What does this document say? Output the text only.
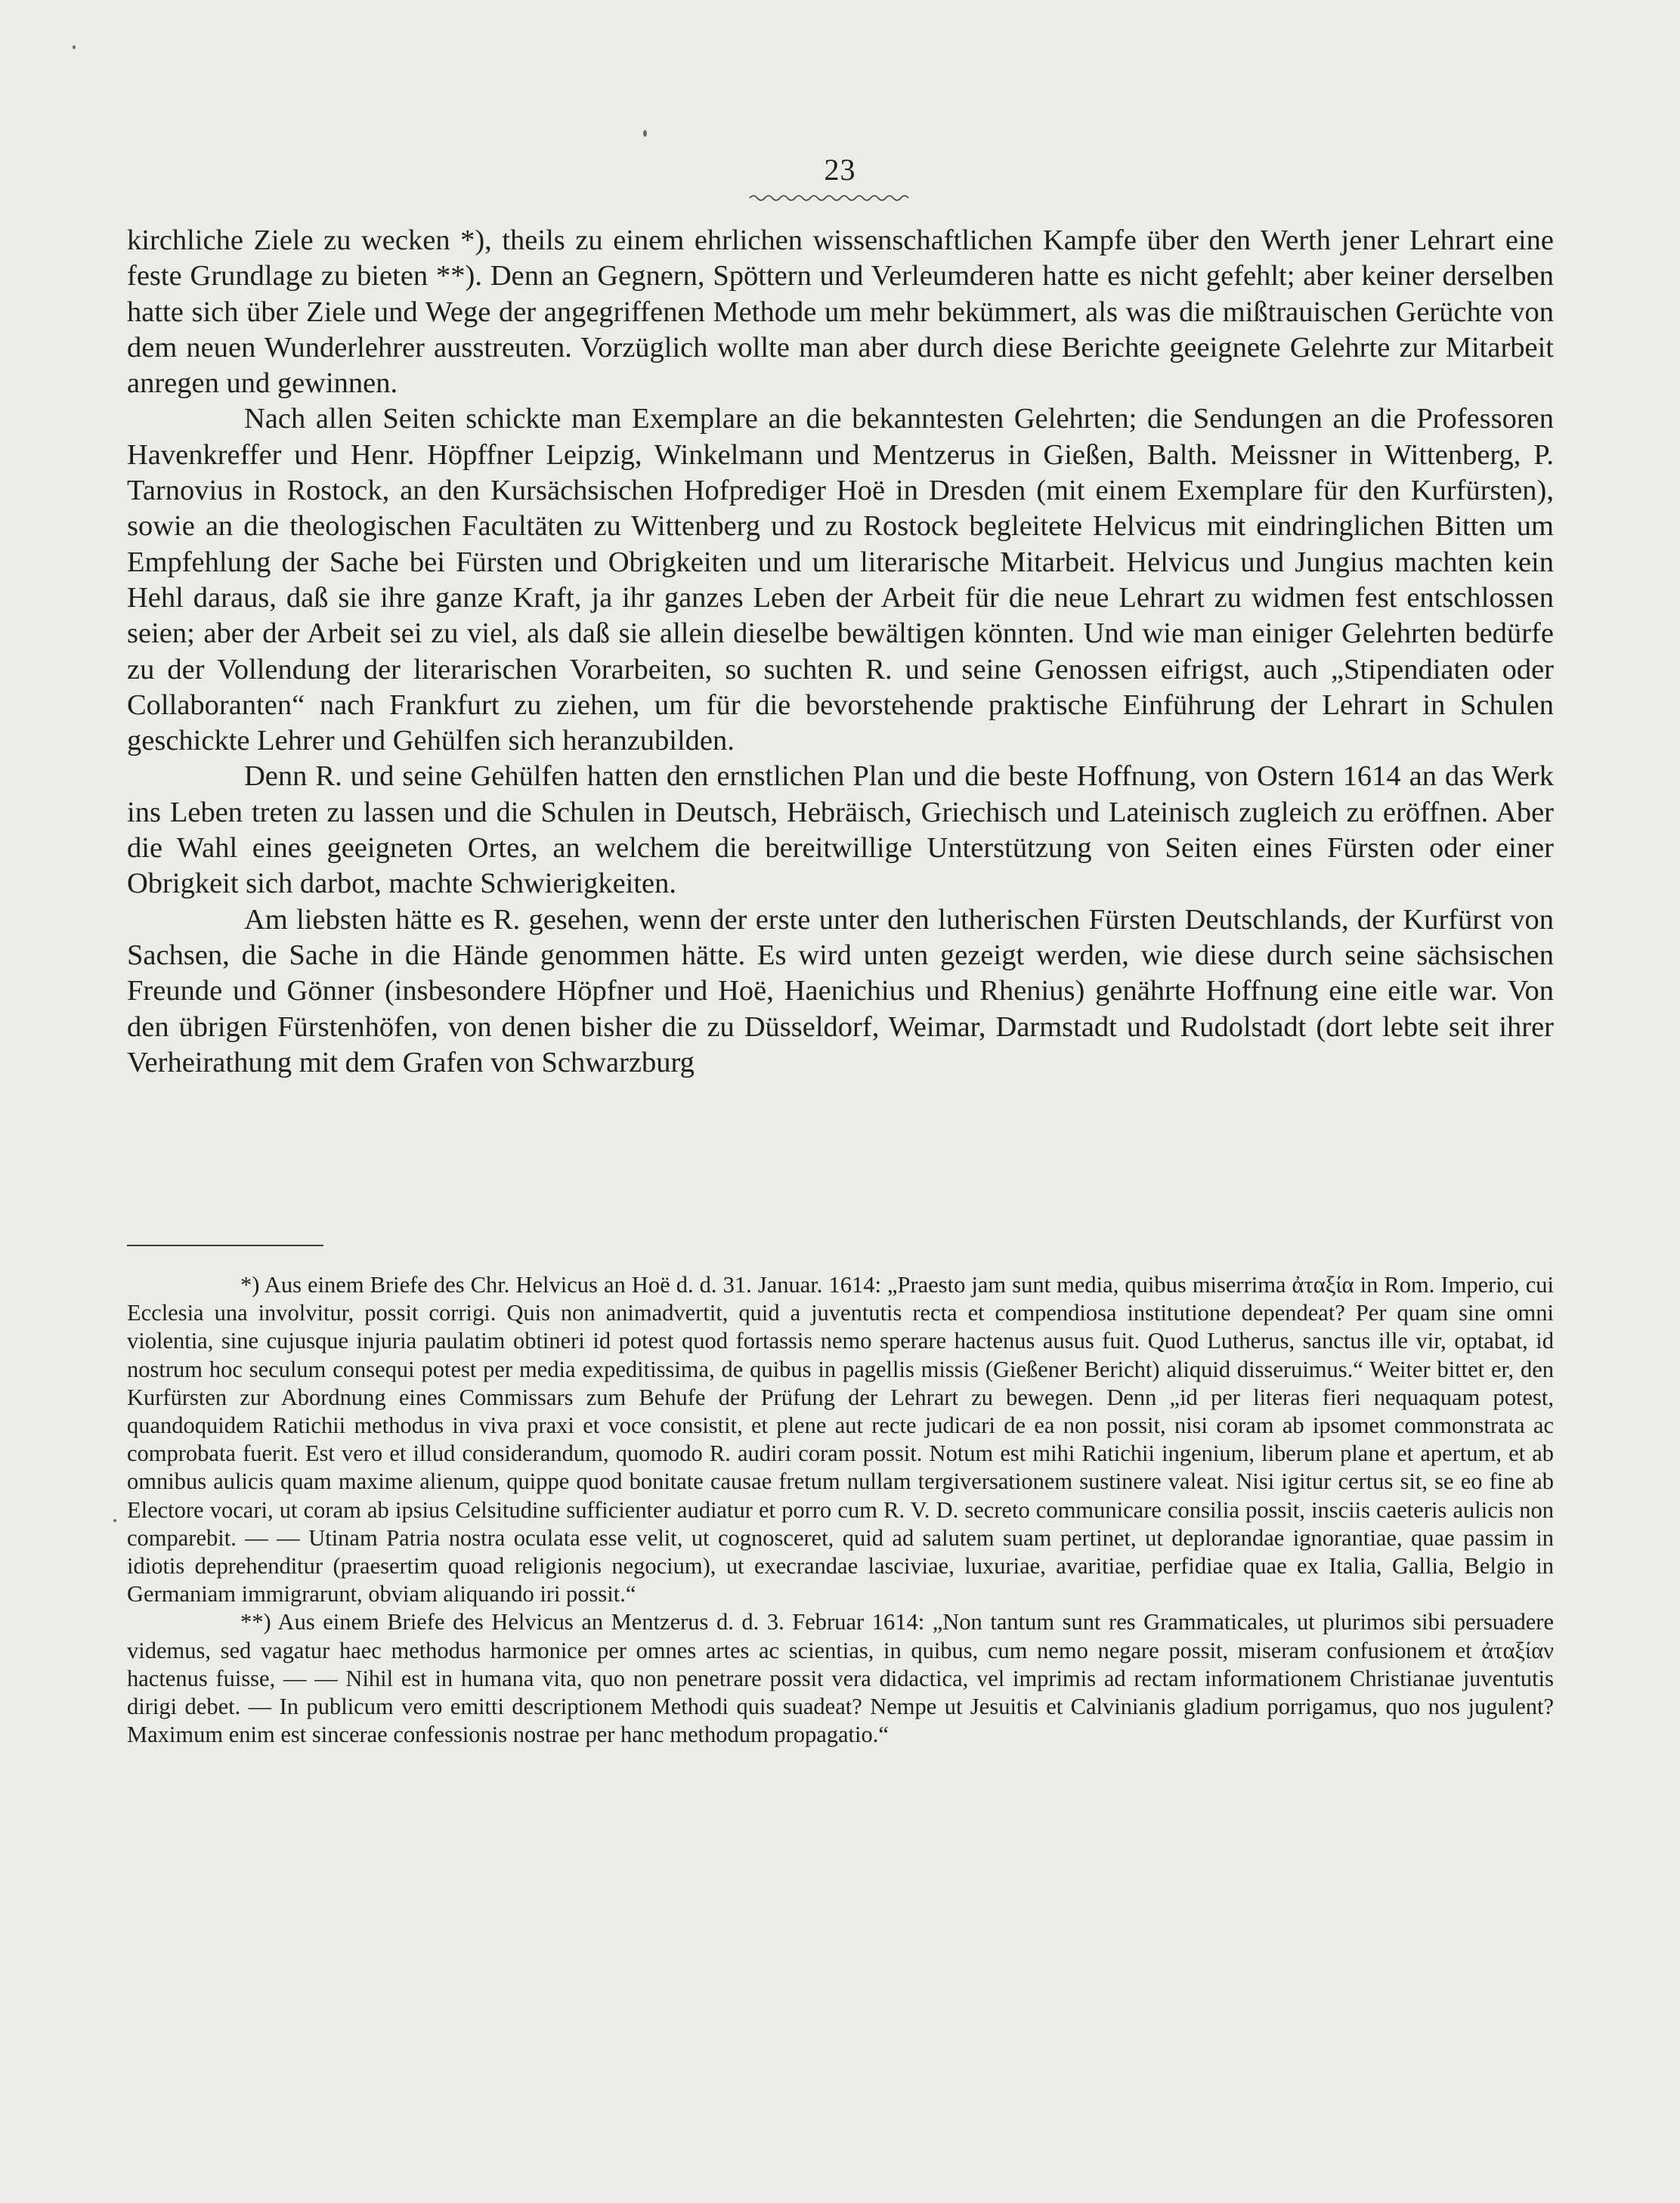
23

kirchliche Ziele zu wecken *), theils zu einem ehrlichen wissenschaftlichen Kampfe über den Werth jener Lehrart eine feste Grundlage zu bieten **). Denn an Gegnern, Spöttern und Verleumderen hatte es nicht gefehlt; aber keiner derselben hatte sich über Ziele und Wege der angegriffenen Methode um mehr bekümmert, als was die mißtrauischen Gerüchte von dem neuen Wunderlehrer ausstreuten. Vorzüglich wollte man aber durch diese Berichte geeignete Gelehrte zur Mitarbeit anregen und gewinnen.

Nach allen Seiten schickte man Exemplare an die bekanntesten Gelehrten; die Sendungen an die Professoren Havenkreffer und Henr. Höpffner Leipzig, Winkelmann und Mentzerus in Gießen, Balth. Meissner in Wittenberg, P. Tarnovius in Rostock, an den Kursächsischen Hofprediger Hoë in Dresden (mit einem Exemplare für den Kurfürsten), sowie an die theologischen Facultäten zu Wittenberg und zu Rostock begleitete Helvicus mit eindringlichen Bitten um Empfehlung der Sache bei Fürsten und Obrigkeiten und um literarische Mitarbeit. Helvicus und Jungius machten kein Hehl daraus, daß sie ihre ganze Kraft, ja ihr ganzes Leben der Arbeit für die neue Lehrart zu widmen fest entschlossen seien; aber der Arbeit sei zu viel, als daß sie allein dieselbe bewältigen könnten. Und wie man einiger Gelehrten bedürfe zu der Vollendung der literarischen Vorarbeiten, so suchten R. und seine Genossen eifrigst, auch „Stipendiaten oder Collaboranten“ nach Frankfurt zu ziehen, um für die bevorstehende praktische Einführung der Lehrart in Schulen geschickte Lehrer und Gehülfen sich heranzubilden.

Denn R. und seine Gehülfen hatten den ernstlichen Plan und die beste Hoffnung, von Ostern 1614 an das Werk ins Leben treten zu lassen und die Schulen in Deutsch, Hebräisch, Griechisch und Lateinisch zugleich zu eröffnen. Aber die Wahl eines geeigneten Ortes, an welchem die bereitwillige Unterstützung von Seiten eines Fürsten oder einer Obrigkeit sich darbot, machte Schwierigkeiten.

Am liebsten hätte es R. gesehen, wenn der erste unter den lutherischen Fürsten Deutschlands, der Kurfürst von Sachsen, die Sache in die Hände genommen hätte. Es wird unten gezeigt werden, wie diese durch seine sächsischen Freunde und Gönner (insbesondere Höpfner und Hoë, Haenichius und Rhenius) genährte Hoffnung eine eitle war. Von den übrigen Fürstenhöfen, von denen bisher die zu Düsseldorf, Weimar, Darmstadt und Rudolstadt (dort lebte seit ihrer Verheirathung mit dem Grafen von Schwarzburg

*) Aus einem Briefe des Chr. Helvicus an Hoë d. d. 31. Januar. 1614: „Praesto jam sunt media, quibus miserrima ἀταξία in Rom. Imperio, cui Ecclesia una involvitur, possit corrigi. Quis non animadvertit, quid a juventutis recta et compendiosa institutione dependeat? Per quam sine omni violentia, sine cujusque injuria paulatim obtineri id potest quod fortassis nemo sperare hactenus ausus fuit. Quod Lutherus, sanctus ille vir, optabat, id nostrum hoc seculum consequi potest per media expeditissima, de quibus in pagellis missis (Gießener Bericht) aliquid disseruimus.“ Weiter bittet er, den Kurfürsten zur Abordnung eines Commissars zum Behufe der Prüfung der Lehrart zu bewegen. Denn „id per literas fieri nequaquam potest, quandoquidem Ratichii methodus in viva praxi et voce consistit, et plene aut recte judicari de ea non possit, nisi coram ab ipsomet commonstrata ac comprobata fuerit. Est vero et illud considerandum, quomodo R. audiri coram possit. Notum est mihi Ratichii ingenium, liberum plane et apertum, et ab omnibus aulicis quam maxime alienum, quippe quod bonitate causae fretum nullam tergiversationem sustinere valeat. Nisi igitur certus sit, se eo fine ab Electore vocari, ut coram ab ipsius Celsitudine sufficienter audiatur et porro cum R. V. D. secreto communicare consilia possit, insciis caeteris aulicis non comparebit. — — Utinam Patria nostra oculata esse velit, ut cognosceret, quid ad salutem suam pertinet, ut deplorandae ignorantiae, quae passim in idiotis deprehenditur (praesertim quoad religionis negocium), ut execrandae lasciviae, luxuriae, avaritiae, perfidiae quae ex Italia, Gallia, Belgio in Germaniam immigrarunt, obviam aliquando iri possit.“

**) Aus einem Briefe des Helvicus an Mentzerus d. d. 3. Februar 1614: „Non tantum sunt res Grammaticales, ut plurimos sibi persuadere videmus, sed vagatur haec methodus harmonice per omnes artes ac scientias, in quibus, cum nemo negare possit, miseram confusionem et ἀταξίαν hactenus fuisse, — — Nihil est in humana vita, quo non penetrare possit vera didactica, vel imprimis ad rectam informationem Christianae juventutis dirigi debet. — In publicum vero emitti descriptionem Methodi quis suadeat? Nempe ut Jesuitis et Calvinianis gladium porrigamus, quo nos jugulent? Maximum enim est sincerae confessionis nostrae per hanc methodum propagatio.“
